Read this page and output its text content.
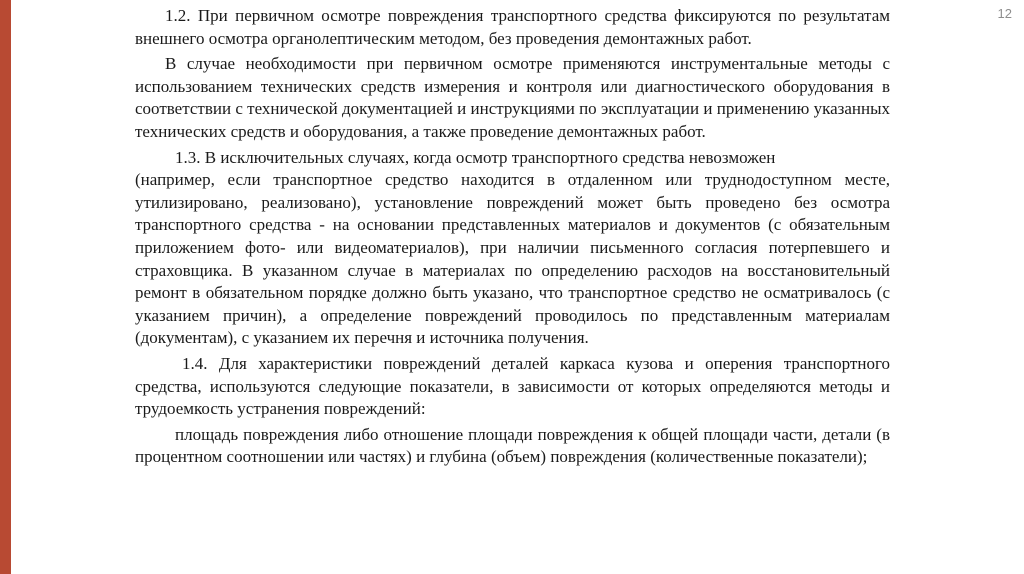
12

1.2. При первичном осмотре повреждения транспортного средства фиксируются по результатам внешнего осмотра органолептическим методом, без проведения демонтажных работ.

В случае необходимости при первичном осмотре применяются инструментальные методы с использованием технических средств измерения и контроля или диагностического оборудования в соответствии с технической документацией и инструкциями по эксплуатации и применению указанных технических средств и оборудования, а также проведение демонтажных работ.

1.3. В исключительных случаях, когда осмотр транспортного средства невозможен

(например, если транспортное средство находится в отдаленном или труднодоступном месте, утилизировано, реализовано), установление повреждений может быть проведено без осмотра транспортного средства - на основании представленных материалов и документов (с обязательным приложением фото- или видеоматериалов), при наличии письменного согласия потерпевшего и страховщика. В указанном случае в материалах по определению расходов на восстановительный ремонт в обязательном порядке должно быть указано, что транспортное средство не осматривалось (с указанием причин), а определение повреждений проводилось по представленным материалам (документам), с указанием их перечня и источника получения.

1.4. Для характеристики повреждений деталей каркаса кузова и оперения транспортного средства, используются следующие показатели, в зависимости от которых определяются методы и трудоемкость устранения повреждений:

площадь повреждения либо отношение площади повреждения к общей площади части, детали (в процентном соотношении или частях) и глубина (объем) повреждения (количественные показатели);
